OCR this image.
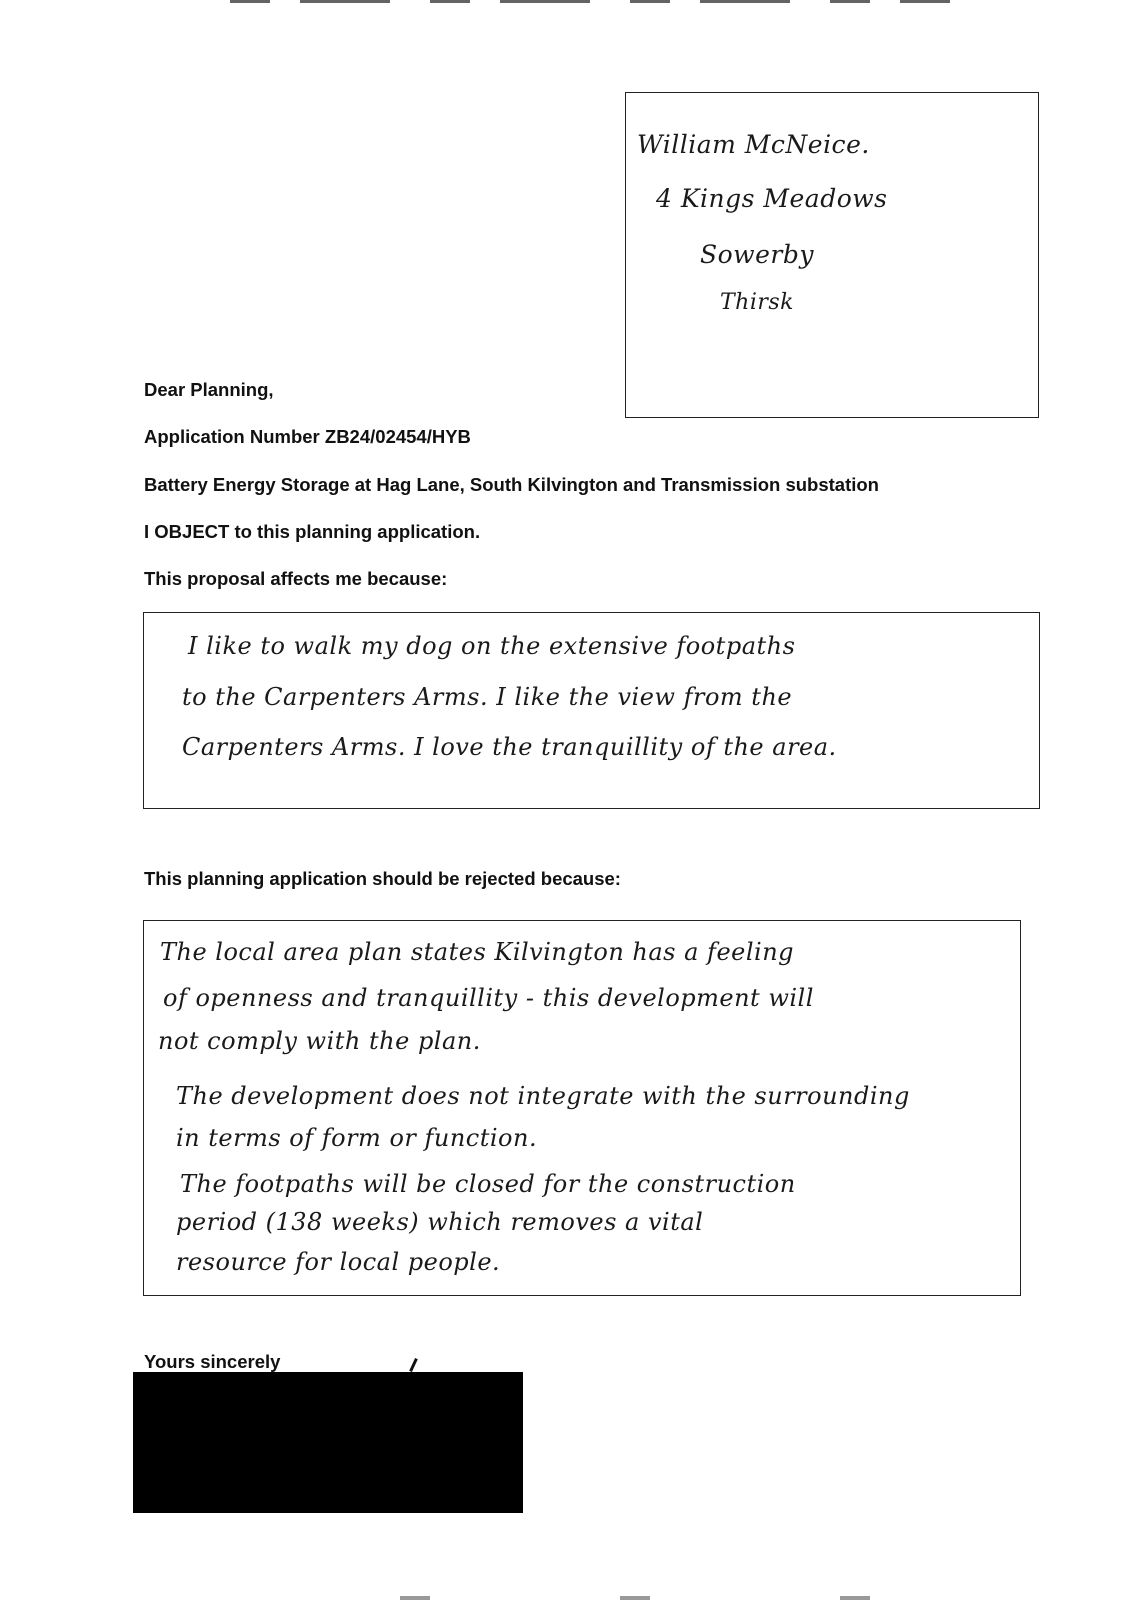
William McNeice.
4 Kings Meadows
Sowerby
Thirsk
Dear Planning,
Application Number ZB24/02454/HYB
Battery Energy Storage at Hag Lane, South Kilvington and Transmission substation
I OBJECT to this planning application.
This proposal affects me because:
I like to walk my dog on the extensive footpaths
to the Carpenters Arms. I like the view from the
Carpenters Arms. I love the tranquillity of the area.
This planning application should be rejected because:
The local area plan states Kilvington has a feeling
of openness and tranquillity - this development will
not comply with the plan.
The development does not integrate with the surrounding
in terms of form or function.
The footpaths will be closed for the construction
period (138 weeks) which removes a vital
resource for local people.
Yours sincerely
